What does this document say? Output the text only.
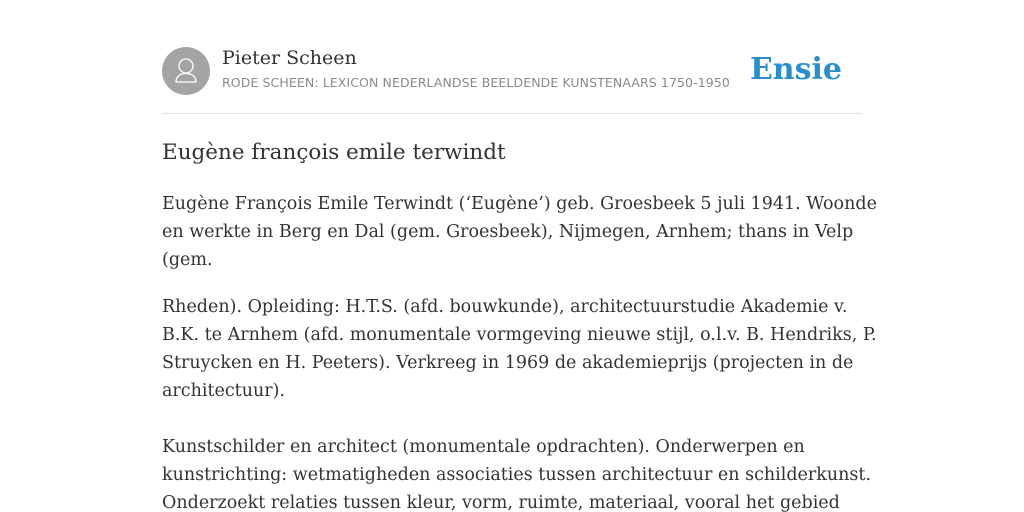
Pieter Scheen
RODE SCHEEN: LEXICON NEDERLANDSE BEELDENDE KUNSTENAARS 1750-1950 Ensie
Eugène françois emile terwindt

Eugène François Emile Terwindt (‘Eugène’) geb. Groesbeek 5 juli 1941. Woonde
en werkte in Berg en Dal (gem. Groesbeek), Nijmegen, Arnhem; thans in Velp
(gem.

Rheden). Opleiding: H.T.S. (afd. bouwkunde), architectuurstudie Akademie v.
B.K. te Arnhem (afd. monumentale vormgeving nieuwe stijl, o.l.v. B. Hendriks, P.
Struycken en H. Peeters). Verkreeg in 1969 de akademieprijs (projecten in de
architectuur).

Kunstschilder en architect (monumentale opdrachten). Onderwerpen en
kunstrichting: wetmatigheden associaties tussen architectuur en schilderkunst.
Onderzoekt relaties tussen kleur, vorm, ruimte, materiaal, vooral het gebied
